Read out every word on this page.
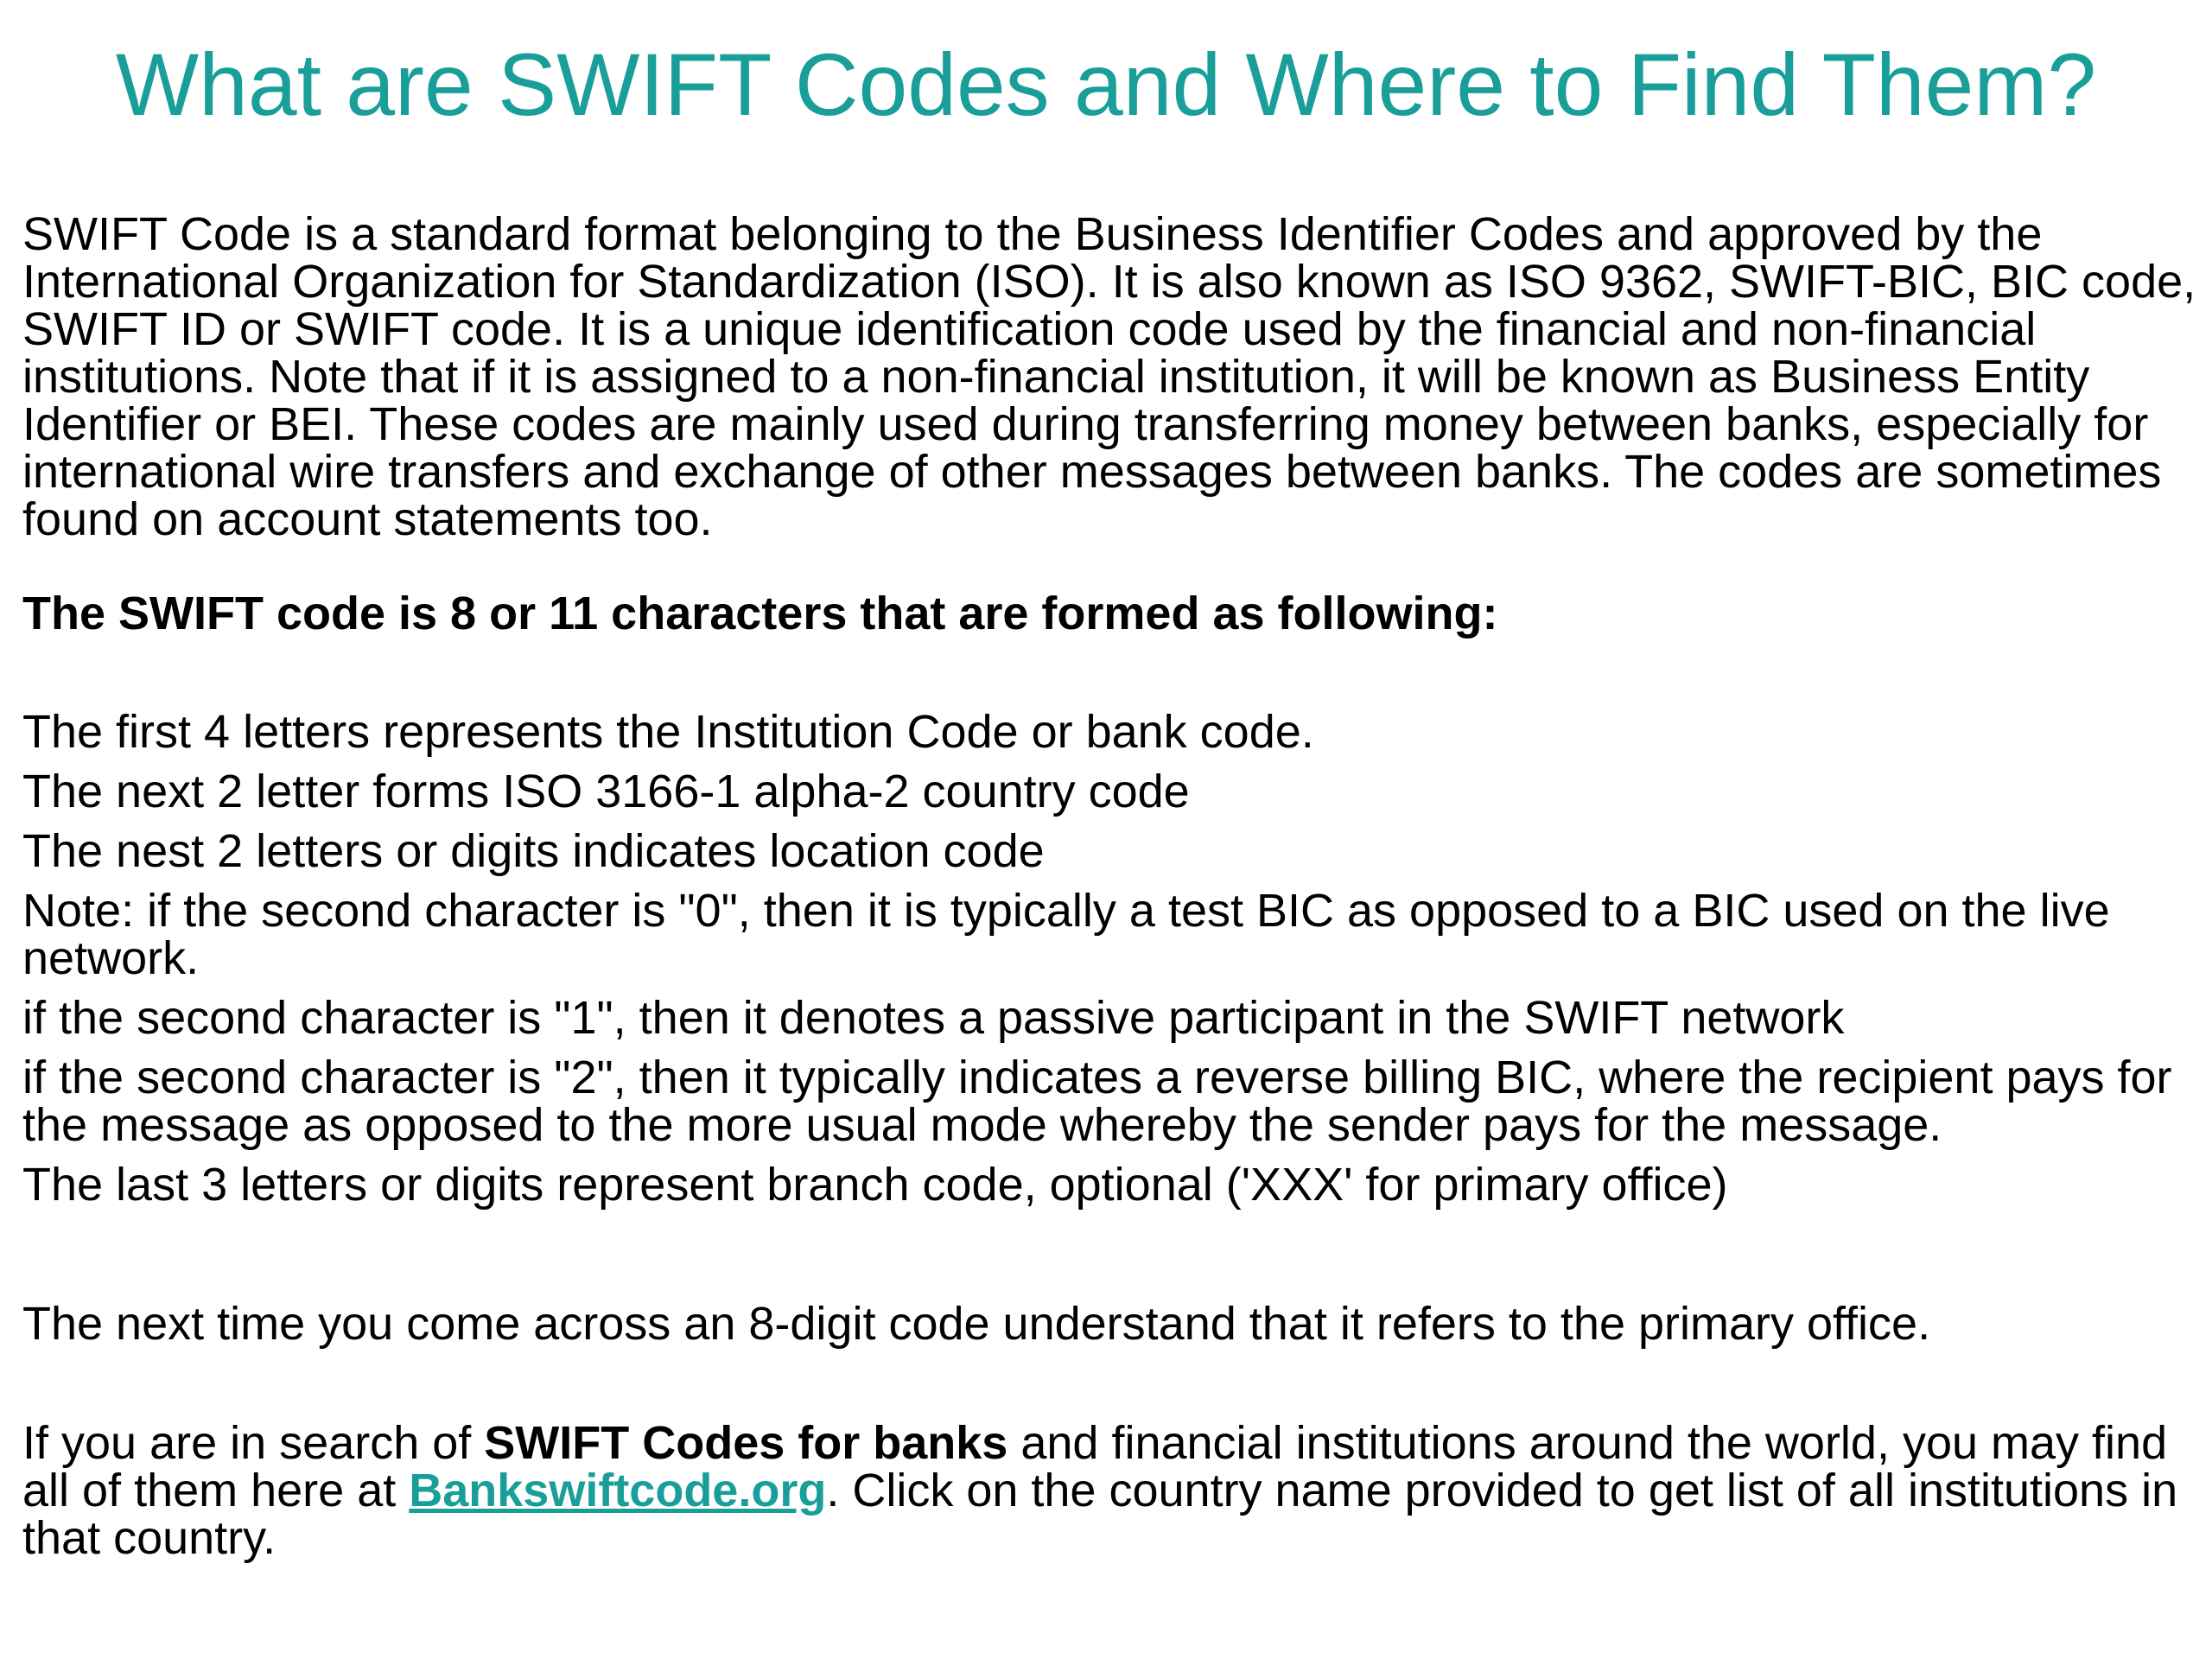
What are SWIFT Codes and Where to Find Them?

SWIFT Code is a standard format belonging to the Business Identifier Codes and approved by the International Organization for Standardization (ISO). It is also known as ISO 9362, SWIFT-BIC, BIC code, SWIFT ID or SWIFT code. It is a unique identification code used by the financial and non-financial institutions. Note that if it is assigned to a non-financial institution, it will be known as Business Entity Identifier or BEI. These codes are mainly used during transferring money between banks, especially for international wire transfers and exchange of other messages between banks. The codes are sometimes found on account statements too.

The SWIFT code is 8 or 11 characters that are formed as following:

The first 4 letters represents the Institution Code or bank code.
The next 2 letter forms ISO 3166-1 alpha-2 country code
The nest 2 letters or digits indicates location code
Note: if the second character is "0", then it is typically a test BIC as opposed to a BIC used on the live network.
if the second character is "1", then it denotes a passive participant in the SWIFT network
if the second character is "2", then it typically indicates a reverse billing BIC, where the recipient pays for the message as opposed to the more usual mode whereby the sender pays for the message.
The last 3 letters or digits represent branch code, optional ('XXX' for primary office)

The next time you come across an 8-digit code understand that it refers to the primary office.

If you are in search of SWIFT Codes for banks and financial institutions around the world, you may find all of them here at Bankswiftcode.org. Click on the country name provided to get list of all institutions in that country.
